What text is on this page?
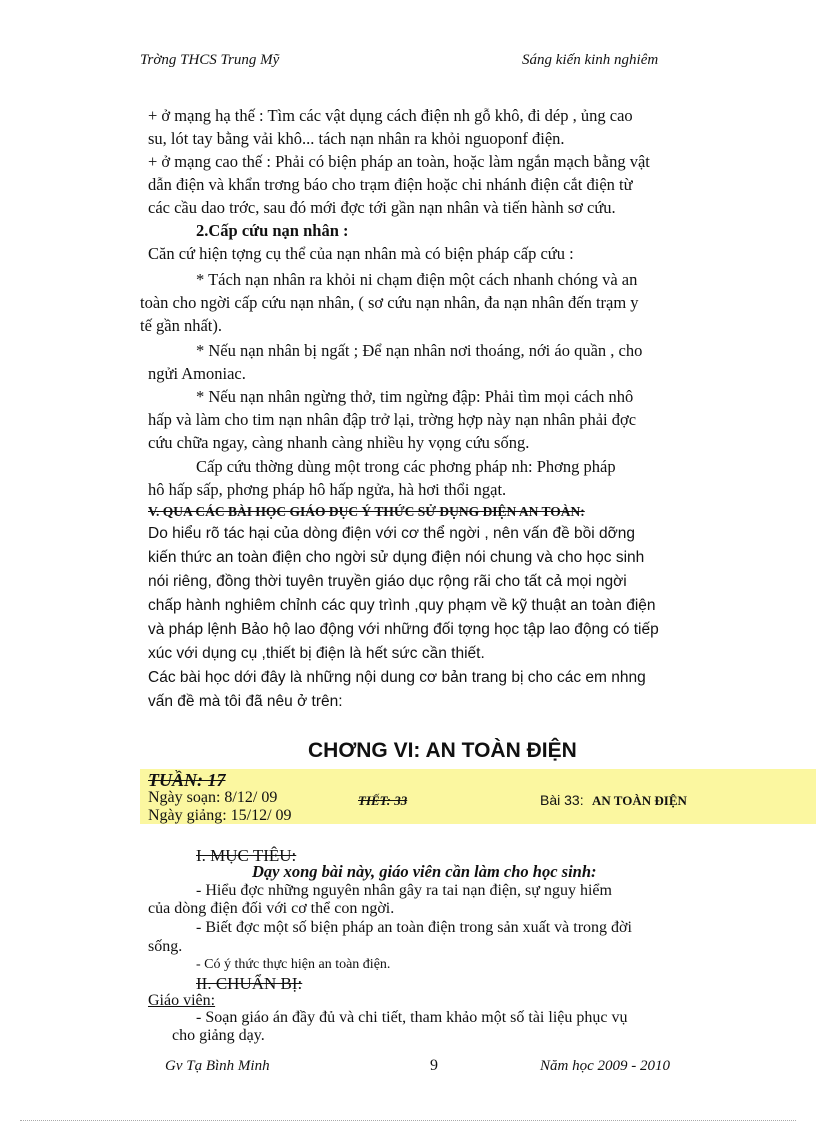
Trờng THCS Trung Mỹ	Sáng kiến kinh nghiêm
+ ở mạng hạ thế : Tìm các vật dụng cách điện nh gỗ khô, đi dép , ủng cao
su, lót tay bằng vải khô... tách nạn nhân ra khỏi nguoponf điện.
+ ở mạng cao thế : Phải có biện pháp an toàn, hoặc làm ngắn mạch bằng vật
dẫn điện và khẩn trơng báo cho trạm điện hoặc chi nhánh điện cắt điện từ
các cầu dao trớc, sau đó mới đợc tới gần nạn nhân và tiến hành sơ cứu.
2.Cấp cứu nạn nhân :
Căn cứ hiện tợng cụ thể của nạn nhân mà có biện pháp cấp cứu :
* Tách nạn nhân ra khỏi ni chạm điện một cách nhanh chóng và an
toàn cho ngời cấp cứu nạn nhân, ( sơ cứu nạn nhân, đa nạn nhân đến trạm y
tế gần nhất).
* Nếu nạn nhân bị ngất ; Để nạn nhân nơi thoáng, nới áo quần , cho
ngửi Amoniac.
* Nếu nạn nhân ngừng thở, tim ngừng đập: Phải tìm mọi cách nhô
hấp và làm cho tim nạn nhân đập trở lại, trờng hợp này nạn nhân phải đợc
cứu chữa ngay, càng nhanh càng nhiều hy vọng cứu sống.
Cấp cứu thờng dùng một trong các phơng pháp nh: Phơng pháp
hô hấp sấp, phơng pháp hô hấp ngửa, hà hơi thổi ngạt.
V. QUA CÁC BÀI HỌC GIÁO DỤC Ý THỨC SỬ DỤNG ĐIỆN AN TOÀN:
Do hiểu rõ tác hại của dòng điện với cơ thể ngời , nên vấn đề bồi dỡng
kiến thức an toàn điện cho ngời sử dụng điện nói chung và cho học sinh
nói riêng, đồng thời tuyên truyền giáo dục rộng rãi cho tất cả mọi ngời
chấp hành nghiêm chỉnh các quy trình ,quy phạm về kỹ thuật an toàn điện
và pháp lệnh Bảo hộ lao động với những đối tợng học tập lao động có tiếp
xúc với dụng cụ ,thiết bị điện là hết sức cần thiết.
Các bài học dới đây là những nội dung cơ bản trang bị cho các em nhng
vấn đề mà tôi đã nêu ở trên:
CHƠNG VI: AN TOÀN ĐIỆN
TUẦN: 17
Ngày soạn: 8/12/ 09
Ngày giảng: 15/12/ 09
TIẾT: 33	Bài 33: AN TOÀN ĐIỆN
I. MỤC TIÊU:
Dạy xong bài này, giáo viên cần làm cho học sinh:
- Hiểu đợc những nguyên nhân gây ra tai nạn điện, sự nguy hiểm
của dòng điện đối với cơ thể con ngời.
- Biết đợc một số biện pháp an toàn điện trong sản xuất và trong đời
sống.
- Có ý thức thực hiện an toàn điện.
II. CHUẨN BỊ:
Giáo viên:
- Soạn giáo án đầy đủ và chi tiết, tham khảo một số tài liệu phục vụ
cho giảng dạy.
Gv Tạ Bình Minh	9	Năm học 2009 - 2010
